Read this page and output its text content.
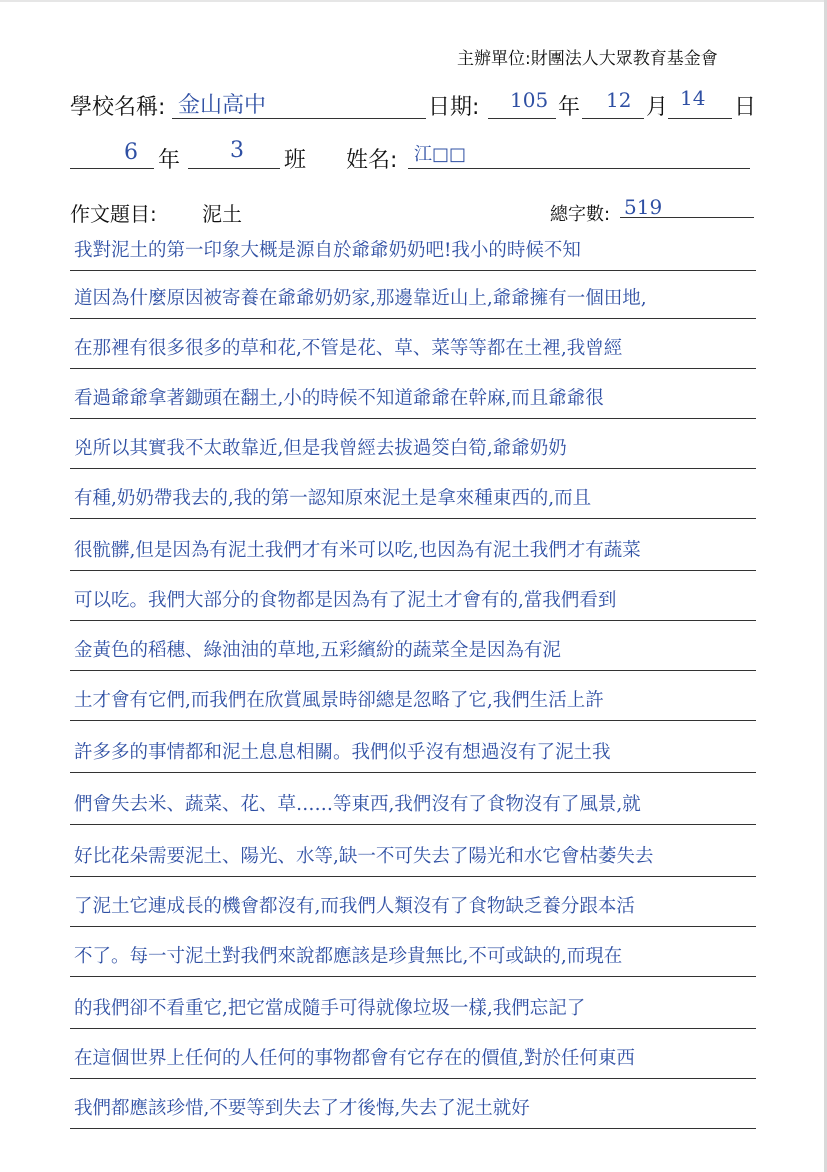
主辦單位:財團法人大眾教育基金會
學校名稱: 金山高中	日期: 105 年 12 月 14 日
6 年 3 班 姓名: 江□□
作文題目: 泥土	總字數: 519
我對泥土的第一印象大概是源自於爺爺奶奶吧!我小的時候不知
道因為什麼原因被寄養在爺爺奶奶家,那邊靠近山上,爺爺擁有一個田地,
在那裡有很多很多的草和花,不管是花、草、菜等等都在土裡,我曾經
看過爺爺拿著鋤頭在翻土,小的時候不知道爺爺在幹麻,而且爺爺很
兇所以其實我不太敢靠近,但是我曾經去拔過筊白筍,爺爺奶奶
有種,奶奶帶我去的,我的第一認知原來泥土是拿來種東西的,而且
很骯髒,但是因為有泥土我們才有米可以吃,也因為有泥土我們才有蔬菜
可以吃。我們大部分的食物都是因為有了泥土才會有的,當我們看到
金黃色的稻穗、綠油油的草地,五彩繽紛的蔬菜全是因為有泥
土才會有它們,而我們在欣賞風景時卻總是忽略了它,我們生活上許
許多多的事情都和泥土息息相關。我們似乎沒有想過沒有了泥土我
們會失去米、蔬菜、花、草……等東西,我們沒有了食物沒有了風景,就
好比花朵需要泥土、陽光、水等,缺一不可失去了陽光和水它會枯萎失去
了泥土它連成長的機會都沒有,而我們人類沒有了食物缺乏養分跟本活
不了。每一寸泥土對我們來說都應該是珍貴無比,不可或缺的,而現在
的我們卻不看重它,把它當成隨手可得就像垃圾一樣,我們忘記了
在這個世界上任何的人任何的事物都會有它存在的價值,對於任何東西
我們都應該珍惜,不要等到失去了才後悔,失去了泥土就好
